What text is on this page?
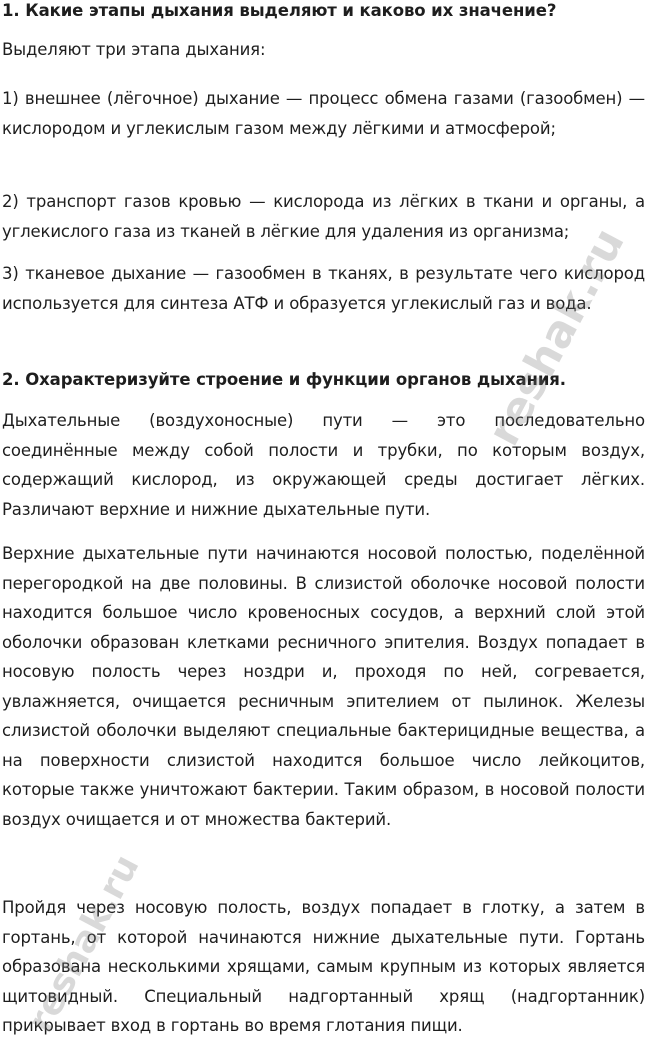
1. Какие этапы дыхания выделяют и каково их значение?

Выделяют три этапа дыхания:

1) внешнее (лёгочное) дыхание — процесс обмена газами (газообмен) — кислородом и углекислым газом между лёгкими и атмосферой;

2) транспорт газов кровью — кислорода из лёгких в ткани и органы, а углекислого газа из тканей в лёгкие для удаления из организма;

3) тканевое дыхание — газообмен в тканях, в результате чего кислород используется для синтеза АТФ и образуется углекислый газ и вода.

2. Охарактеризуйте строение и функции органов дыхания.

Дыхательные (воздухоносные) пути — это последовательно соединённые между собой полости и трубки, по которым воздух, содержащий кислород, из окружающей среды достигает лёгких. Различают верхние и нижние дыхательные пути.

Верхние дыхательные пути начинаются носовой полостью, поделённой перегородкой на две половины. В слизистой оболочке носовой полости находится большое число кровеносных сосудов, а верхний слой этой оболочки образован клетками ресничного эпителия. Воздух попадает в носовую полость через ноздри и, проходя по ней, согревается, увлажняется, очищается ресничным эпителием от пылинок. Железы слизистой оболочки выделяют специальные бактерицидные вещества, а на поверхности слизистой находится большое число лейкоцитов, которые также уничтожают бактерии. Таким образом, в носовой полости воздух очищается и от множества бактерий.

Пройдя через носовую полость, воздух попадает в глотку, а затем в гортань, от которой начинаются нижние дыхательные пути. Гортань образована несколькими хрящами, самым крупным из которых является щитовидный. Специальный надгортанный хрящ (надгортанник) прикрывает вход в гортань во время глотания пищи.

reshak.ru
reshak.ru
